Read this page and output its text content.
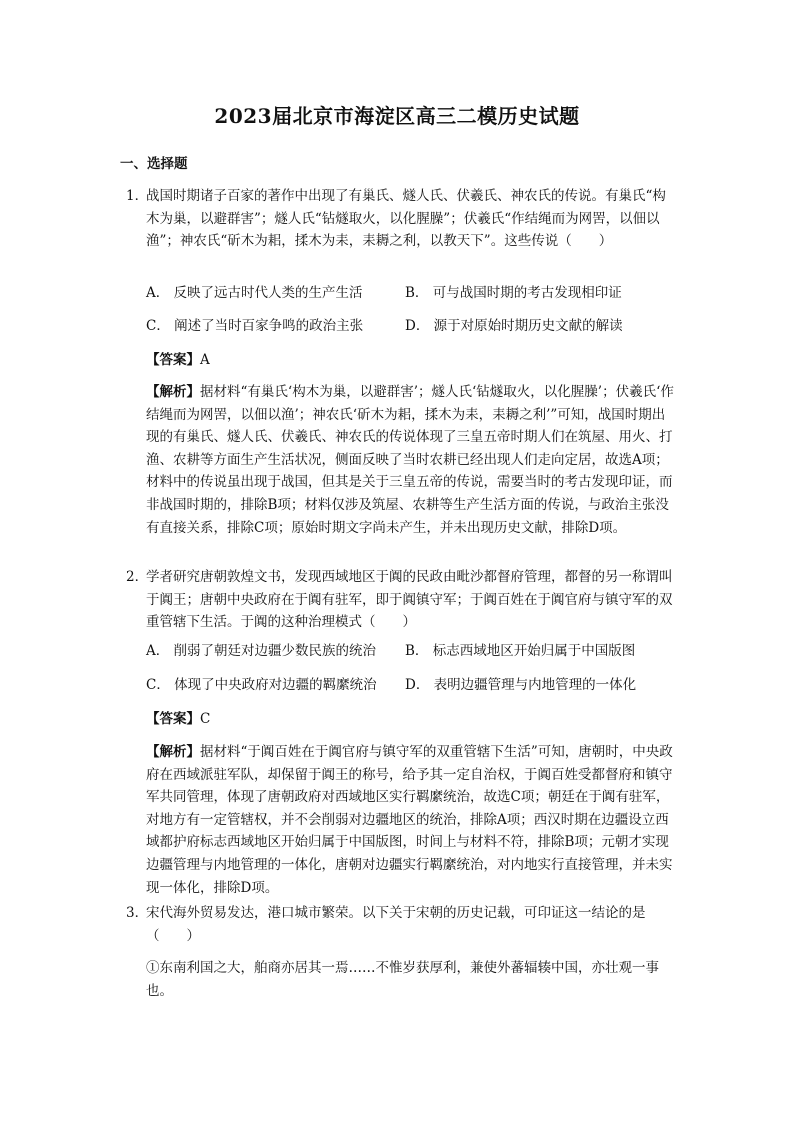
2023届北京市海淀区高三二模历史试题
一、选择题
1．
战国时期诸子百家的著作中出现了有巢氏、燧人氏、伏羲氏、神农氏的传说。有巢氏“构木为巢，以避群害”；燧人氏“钻燧取火，以化腥臊”；伏羲氏“作结绳而为网罟，以佃以渔”；神农氏“斫木为耜，揉木为耒，耒耨之利，以教天下”。这些传说（　　）
A． 反映了远古时代人类的生产生活	B． 可与战国时期的考古发现相印证
C． 阐述了当时百家争鸣的政治主张	D． 源于对原始时期历史文献的解读
【答案】A
【解析】据材料“有巢氏‘构木为巢，以避群害’；燧人氏‘钻燧取火，以化腥臊’；伏羲氏‘作结绳而为网罟，以佃以渔’；神农氏‘斫木为耜，揉木为耒，耒耨之利’”可知，战国时期出现的有巢氏、燧人氏、伏羲氏、神农氏的传说体现了三皇五帝时期人们在筑屋、用火、打渔、农耕等方面生产生活状况，侧面反映了当时农耕已经出现人们走向定居，故选A项；材料中的传说虽出现于战国，但其是关于三皇五帝的传说，需要当时的考古发现印证，而非战国时期的，排除B项；材料仅涉及筑屋、农耕等生产生活方面的传说，与政治主张没有直接关系，排除C项；原始时期文字尚未产生，并未出现历史文献，排除D项。
2．
学者研究唐朝敦煌文书，发现西域地区于阗的民政由毗沙都督府管理，都督的另一称谓叫于阗王；唐朝中央政府在于阗有驻军，即于阗镇守军；于阗百姓在于阗官府与镇守军的双重管辖下生活。于阗的这种治理模式（　　）
A． 削弱了朝廷对边疆少数民族的统治 B． 标志西域地区开始归属于中国版图
C． 体现了中央政府对边疆的羁縻统治 D． 表明边疆管理与内地管理的一体化
【答案】C
【解析】据材料“于阗百姓在于阗官府与镇守军的双重管辖下生活”可知，唐朝时，中央政府在西域派驻军队，却保留于阗王的称号，给予其一定自治权，于阗百姓受都督府和镇守军共同管理，体现了唐朝政府对西域地区实行羁縻统治，故选C项；朝廷在于阗有驻军，对地方有一定管辖权，并不会削弱对边疆地区的统治，排除A项；西汉时期在边疆设立西域都护府标志西域地区开始归属于中国版图，时间上与材料不符，排除B项；元朝才实现边疆管理与内地管理的一体化，唐朝对边疆实行羁縻统治，对内地实行直接管理，并未实现一体化，排除D项。
3．
宋代海外贸易发达，港口城市繁荣。以下关于宋朝的历史记载，可印证这一结论的是（　　）
①东南利国之大，舶商亦居其一焉……不惟岁获厚利，兼使外蕃辐辏中国，亦壮观一事也。
